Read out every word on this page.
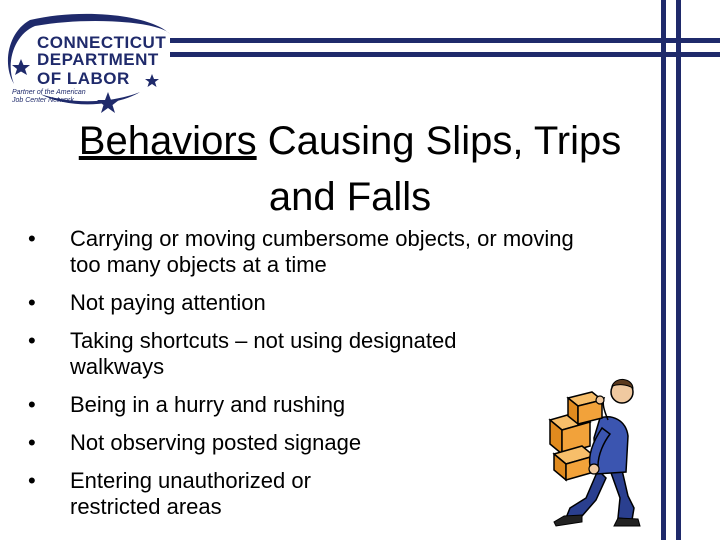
CONNECTICUT
DEPARTMENT
OF LABOR
Partner of the American
Job Center Network
Behaviors Causing Slips, Trips
and Falls
• Carrying or moving cumbersome objects, or moving too many objects at a time
• Not paying attention
• Taking shortcuts – not using designated walkways
• Being in a hurry and rushing
• Not observing posted signage
• Entering unauthorized or restricted areas
